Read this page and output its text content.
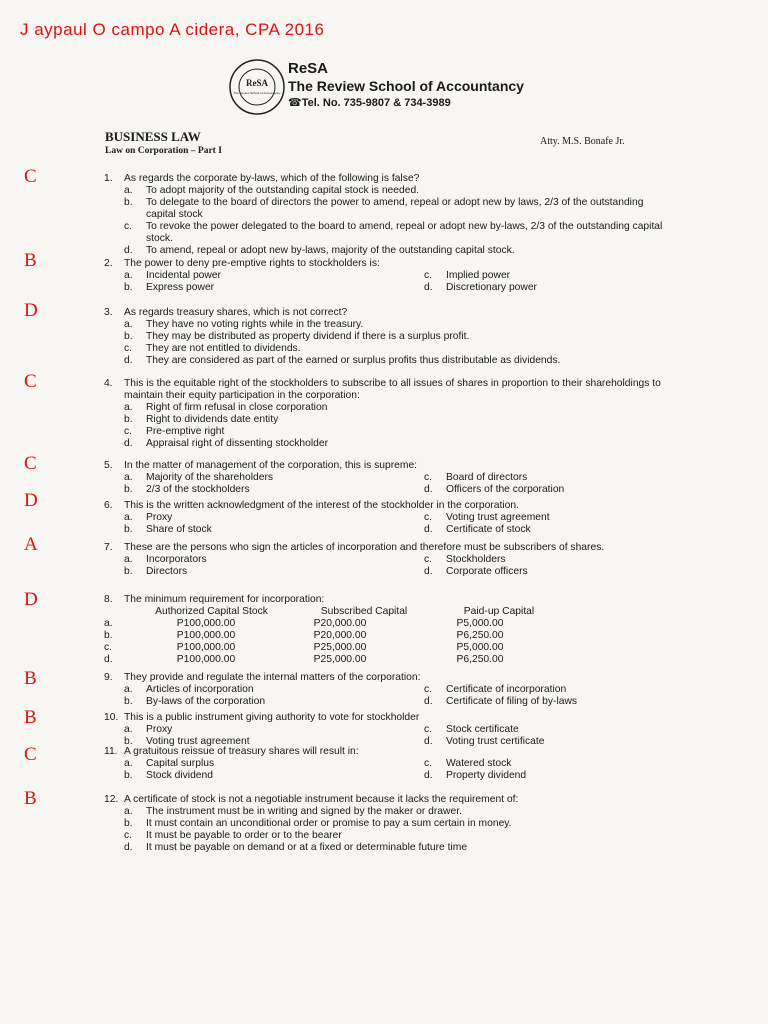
J aypaul O campo A cidera, CPA 2016
ReSA
The Review School of Accountancy
ReSA
The Review School of Accountancy
☎Tel. No. 735-9807 & 734-3989
BUSINESS LAW
Law on Corporation – Part I
Atty. M.S. Bonafe Jr.
C
B
D
C
C
D
A
D
B
B
C
B
1.	As regards the corporate by-laws, which of the following is false?
a.	To adopt majority of the outstanding capital stock is needed.
b.	To delegate to the board of directors the power to amend, repeal or adopt new by laws, 2/3 of the outstanding capital stock
c.	To revoke the power delegated to the board to amend, repeal or adopt new by-laws, 2/3 of the outstanding capital stock.
d.	To amend, repeal or adopt new by-laws, majority of the outstanding capital stock.
2.	The power to deny pre-emptive rights to stockholders is:
a.	Incidental power	c.	Implied power
b.	Express power	d.	Discretionary power
3.	As regards treasury shares, which is not correct?
a.	They have no voting rights while in the treasury.
b.	They may be distributed as property dividend if there is a surplus profit.
c.	They are not entitled to dividends.
d.	They are considered as part of the earned or surplus profits thus distributable as dividends.
4.	This is the equitable right of the stockholders to subscribe to all issues of shares in proportion to their shareholdings to maintain their equity participation in the corporation:
a.	Right of firm refusal in close corporation
b.	Right to dividends date entity
c.	Pre-emptive right
d.	Appraisal right of dissenting stockholder
5.	In the matter of management of the corporation, this is supreme:
a.	Majority of the shareholders	c.	Board of directors
b.	2/3 of the stockholders	d.	Officers of the corporation
6.	This is the written acknowledgment of the interest of the stockholder in the corporation.
a.	Proxy	c.	Voting trust agreement
b.	Share of stock	d.	Certificate of stock
7.	These are the persons who sign the articles of incorporation and therefore must be subscribers of shares.
a.	Incorporators	c.	Stockholders
b.	Directors	d.	Corporate officers
8.	The minimum requirement for incorporation:
Authorized Capital Stock	Subscribed Capital	Paid-up Capital
a.	P100,000.00	P20,000.00	P5,000.00
b.	P100,000.00	P20,000.00	P6,250.00
c.	P100,000.00	P25,000.00	P5,000.00
d.	P100,000.00	P25,000.00	P6,250.00
9.	They provide and regulate the internal matters of the corporation:
a.	Articles of incorporation	c.	Certificate of incorporation
b.	By-laws of the corporation	d.	Certificate of filing of by-laws
10. This is a public instrument giving authority to vote for stockholder
a.	Proxy	c.	Stock certificate
b.	Voting trust agreement	d.	Voting trust certificate
11. A gratuitous reissue of treasury shares will result in:
a.	Capital surplus	c.	Watered stock
b.	Stock dividend	d.	Property dividend
12. A certificate of stock is not a negotiable instrument because it lacks the requirement of:
a.	The instrument must be in writing and signed by the maker or drawer.
b.	It must contain an unconditional order or promise to pay a sum certain in money.
c.	It must be payable to order or to the bearer
d.	It must be payable on demand or at a fixed or determinable future time
